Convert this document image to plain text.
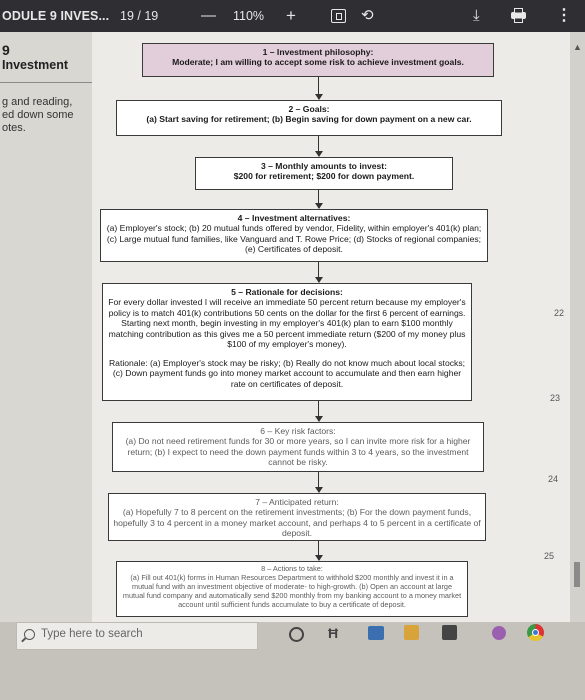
ODULE 9 INVES... 19 / 19	— 110% +	⟲	⤓	⋮
9
Investment
g and reading,
ed down some
otes.
1 – Investment philosophy:
Moderate; I am willing to accept some risk to achieve investment goals.
2 – Goals:
(a) Start saving for retirement; (b) Begin saving for down payment on a new car.
3 – Monthly amounts to invest:
$200 for retirement; $200 for down payment.
4 – Investment alternatives:
(a) Employer's stock; (b) 20 mutual funds offered by vendor, Fidelity, within employer's 401(k) plan; (c) Large mutual fund families, like Vanguard and T. Rowe Price; (d) Stocks of regional companies; (e) Certificates of deposit.
5 – Rationale for decisions:
For every dollar invested I will receive an immediate 50 percent return because my employer's policy is to match 401(k) contributions 50 cents on the dollar for the first 6 percent of earnings. Starting next month, begin investing in my employer's 401(k) plan to earn $100 monthly matching contribution as this gives me a 50 percent immediate return ($200 of my money plus $100 of my employer's money).
Rationale: (a) Employer's stock may be risky; (b) Really do not know much about local stocks; (c) Down payment funds go into money market account to accumulate and then earn higher rate on certificates of deposit.
6 – Key risk factors:
(a) Do not need retirement funds for 30 or more years, so I can invite more risk for a higher return; (b) I expect to need the down payment funds within 3 to 4 years, so the investment cannot be risky.
7 – Anticipated return:
(a) Hopefully 7 to 8 percent on the retirement investments; (b) For the down payment funds, hopefully 3 to 4 percent in a money market account, and perhaps 4 to 5 percent in a certificate of deposit.
8 – Actions to take:
(a) Fill out 401(k) forms in Human Resources Department to withhold $200 monthly and invest it in a mutual fund with an investment objective of moderate- to high-growth. (b) Open an account at large mutual fund company and automatically send $200 monthly from my banking account to a money market account until sufficient funds accumulate to buy a certificate of deposit.
22
23
24
25
▲
Type here to search	Ħ
